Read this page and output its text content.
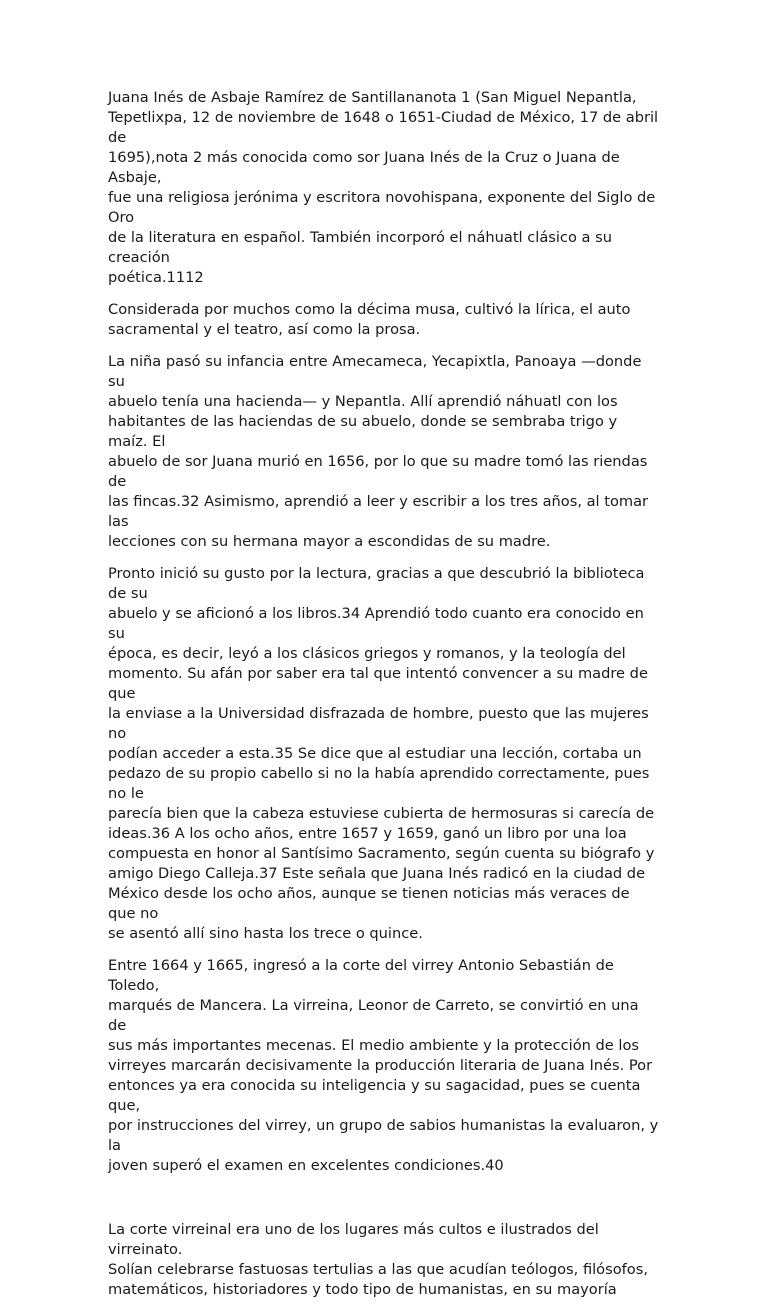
Juana Inés de Asbaje Ramírez de Santillananota 1 (San Miguel Nepantla,
Tepetlixpa, 12 de noviembre de 1648 o 1651-Ciudad de México, 17 de abril de
1695),nota 2 más conocida como sor Juana Inés de la Cruz o Juana de Asbaje,
fue una religiosa jerónima y escritora novohispana, exponente del Siglo de Oro
de la literatura en español. También incorporó el náhuatl clásico a su creación
poética.1112

Considerada por muchos como la décima musa, cultivó la lírica, el auto
sacramental y el teatro, así como la prosa.

La niña pasó su infancia entre Amecameca, Yecapixtla, Panoaya —donde su
abuelo tenía una hacienda— y Nepantla. Allí aprendió náhuatl con los
habitantes de las haciendas de su abuelo, donde se sembraba trigo y maíz. El
abuelo de sor Juana murió en 1656, por lo que su madre tomó las riendas de
las fincas.32 Asimismo, aprendió a leer y escribir a los tres años, al tomar las
lecciones con su hermana mayor a escondidas de su madre.

Pronto inició su gusto por la lectura, gracias a que descubrió la biblioteca de su
abuelo y se aficionó a los libros.34 Aprendió todo cuanto era conocido en su
época, es decir, leyó a los clásicos griegos y romanos, y la teología del
momento. Su afán por saber era tal que intentó convencer a su madre de que
la enviase a la Universidad disfrazada de hombre, puesto que las mujeres no
podían acceder a esta.35 Se dice que al estudiar una lección, cortaba un
pedazo de su propio cabello si no la había aprendido correctamente, pues no le
parecía bien que la cabeza estuviese cubierta de hermosuras si carecía de
ideas.36 A los ocho años, entre 1657 y 1659, ganó un libro por una loa
compuesta en honor al Santísimo Sacramento, según cuenta su biógrafo y
amigo Diego Calleja.37 Este señala que Juana Inés radicó en la ciudad de
México desde los ocho años, aunque se tienen noticias más veraces de que no
se asentó allí sino hasta los trece o quince.

Entre 1664 y 1665, ingresó a la corte del virrey Antonio Sebastián de Toledo,
marqués de Mancera. La virreina, Leonor de Carreto, se convirtió en una de
sus más importantes mecenas. El medio ambiente y la protección de los
virreyes marcarán decisivamente la producción literaria de Juana Inés. Por
entonces ya era conocida su inteligencia y su sagacidad, pues se cuenta que,
por instrucciones del virrey, un grupo de sabios humanistas la evaluaron, y la
joven superó el examen en excelentes condiciones.40

La corte virreinal era uno de los lugares más cultos e ilustrados del virreinato.
Solían celebrarse fastuosas tertulias a las que acudían teólogos, filósofos,
matemáticos, historiadores y todo tipo de humanistas, en su mayoría
